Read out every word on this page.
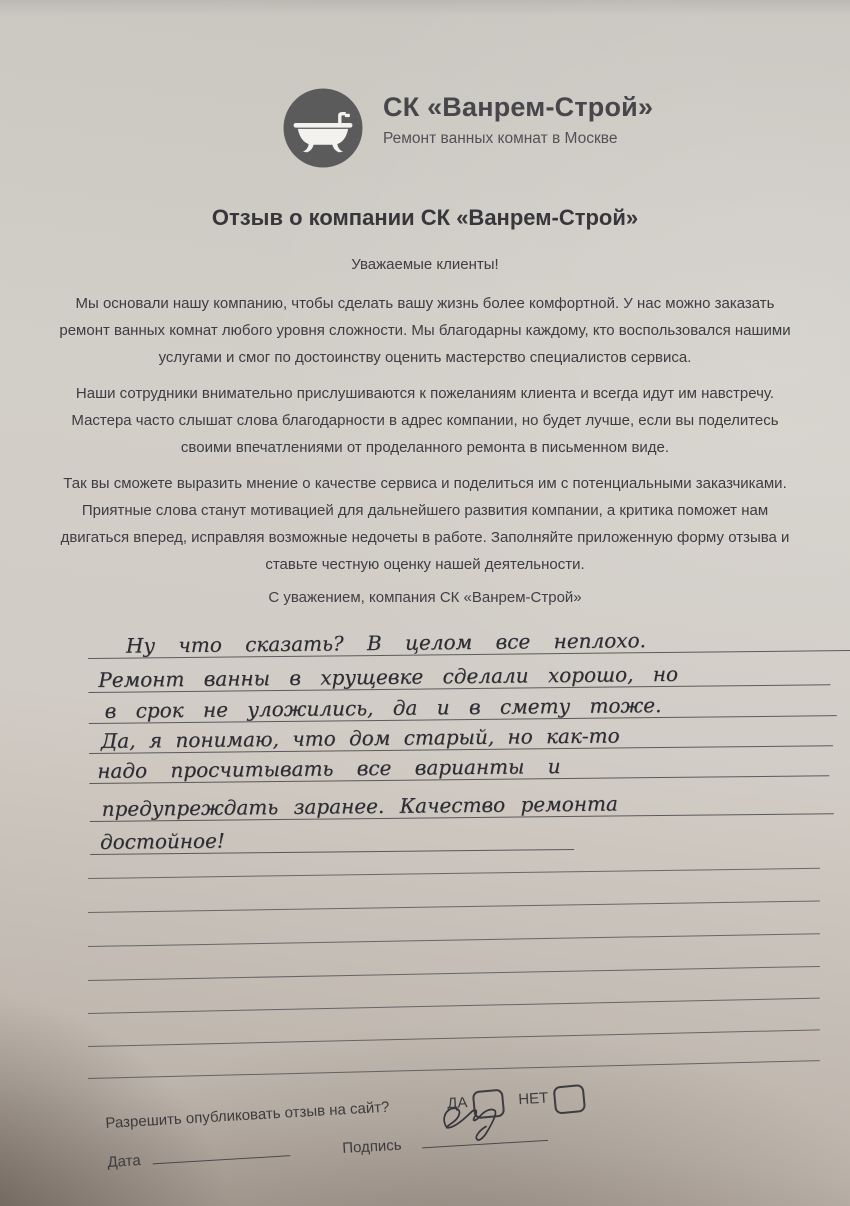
СК «Ванрем-Строй»
Ремонт ванных комнат в Москве
Отзыв о компании СК «Ванрем-Строй»
Уважаемые клиенты!

Мы основали нашу компанию, чтобы сделать вашу жизнь более комфортной. У нас можно заказать ремонт ванных комнат любого уровня сложности. Мы благодарны каждому, кто воспользовался нашими услугами и смог по достоинству оценить мастерство специалистов сервиса.

Наши сотрудники внимательно прислушиваются к пожеланиям клиента и всегда идут им навстречу. Мастера часто слышат слова благодарности в адрес компании, но будет лучше, если вы поделитесь своими впечатлениями от проделанного ремонта в письменном виде.

Так вы сможете выразить мнение о качестве сервиса и поделиться им с потенциальными заказчиками. Приятные слова станут мотивацией для дальнейшего развития компании, а критика поможет нам двигаться вперед, исправляя возможные недочеты в работе. Заполняйте приложенную форму отзыва и ставьте честную оценку нашей деятельности.

С уважением, компания СК «Ванрем-Строй»
Ну что сказать? В целом все неплохо.
Ремонт ванны в хрущевке сделали хорошо, но
в срок не уложились, да и в смету тоже.
Да, я понимаю, что дом старый, но как-то
надо просчитывать все варианты и
предупреждать заранее. Качество ремонта
достойное!
Разрешить опубликовать отзыв на сайт?	ДА	НЕТ
Дата
Подпись
